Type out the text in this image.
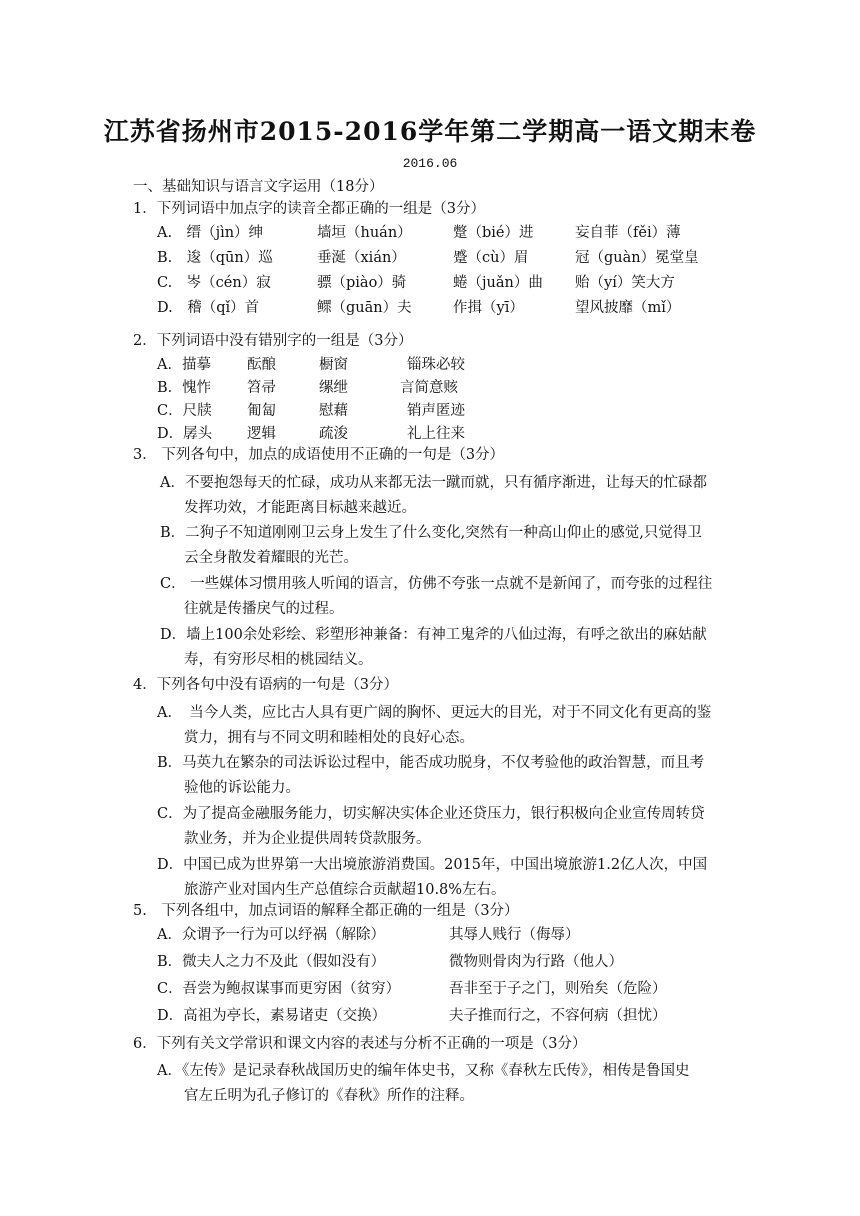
江苏省扬州市2015-2016学年第二学期高一语文期末卷
2016.06
一、基础知识与语言文字运用（18分）
1．下列词语中加点字的读音全都正确的一组是（3分）
A.　缙（jìn）绅	墙垣（huán）	蹩（bié）进	妄自菲（fěi）薄
B.　逡（qūn）巡	垂涎（xián）	蹙（cù）眉	冠（guàn）冕堂皇
C.　岑（cén）寂	骠（piào）骑	蜷（juǎn）曲 贻（yí）笑大方
D.　稽（qǐ）首	鳏（guān）夫	作揖（yī）	望风披靡（mǐ）
2．下列词语中没有错别字的一组是（3分）
A．描摹 酝酿	橱窗	锱珠必较
B．愧怍 笤帚	缧绁	言简意赅
C．尺牍 匍匐	慰藉	销声匿迹
D．孱头 逻辑	疏浚	礼上往来
3． 下列各句中，加点的成语使用不正确的一句是（3分）
A．不要抱怨每天的忙碌，成功从来都无法一蹴而就，只有循序渐进，让每天的忙碌都
发挥功效，才能距离目标越来越近。
B．二狗子不知道刚刚卫云身上发生了什么变化,突然有一种高山仰止的感觉,只觉得卫
云全身散发着耀眼的光芒。
C． 一些媒体习惯用骇人听闻的语言，仿佛不夸张一点就不是新闻了，而夸张的过程往
往就是传播戾气的过程。
D．墙上100余处彩绘、彩塑形神兼备：有神工鬼斧的八仙过海，有呼之欲出的麻姑献
寿，有穷形尽相的桃园结义。
4．下列各句中没有语病的一句是（3分）
A．　当今人类，应比古人具有更广阔的胸怀、更远大的目光，对于不同文化有更高的鉴
赏力，拥有与不同文明和睦相处的良好心态。
B．马英九在繁杂的司法诉讼过程中，能否成功脱身，不仅考验他的政治智慧，而且考
验他的诉讼能力。
C．为了提高金融服务能力，切实解决实体企业还贷压力，银行积极向企业宣传周转贷
款业务，并为企业提供周转贷款服务。
D．中国已成为世界第一大出境旅游消费国。2015年，中国出境旅游1.2亿人次，中国
旅游产业对国内生产总值综合贡献超10.8%左右。
5.　下列各组中，加点词语的解释全都正确的一组是（3分）
A．众谓予一行为可以纾祸（解除）	其辱人贱行（侮辱）
B．微夫人之力不及此（假如没有）	微物则骨肉为行路（他人）
C．吾尝为鲍叔谋事而更穷困（贫穷）	吾非至于子之门，则殆矣（危险）
D．高祖为亭长，素易诸吏（交换）	夫子推而行之，不容何病（担忧）
6．下列有关文学常识和课文内容的表述与分析不正确的一项是（3分）
A．《左传》是记录春秋战国历史的编年体史书，又称《春秋左氏传》，相传是鲁国史
官左丘明为孔子修订的《春秋》所作的注释。
